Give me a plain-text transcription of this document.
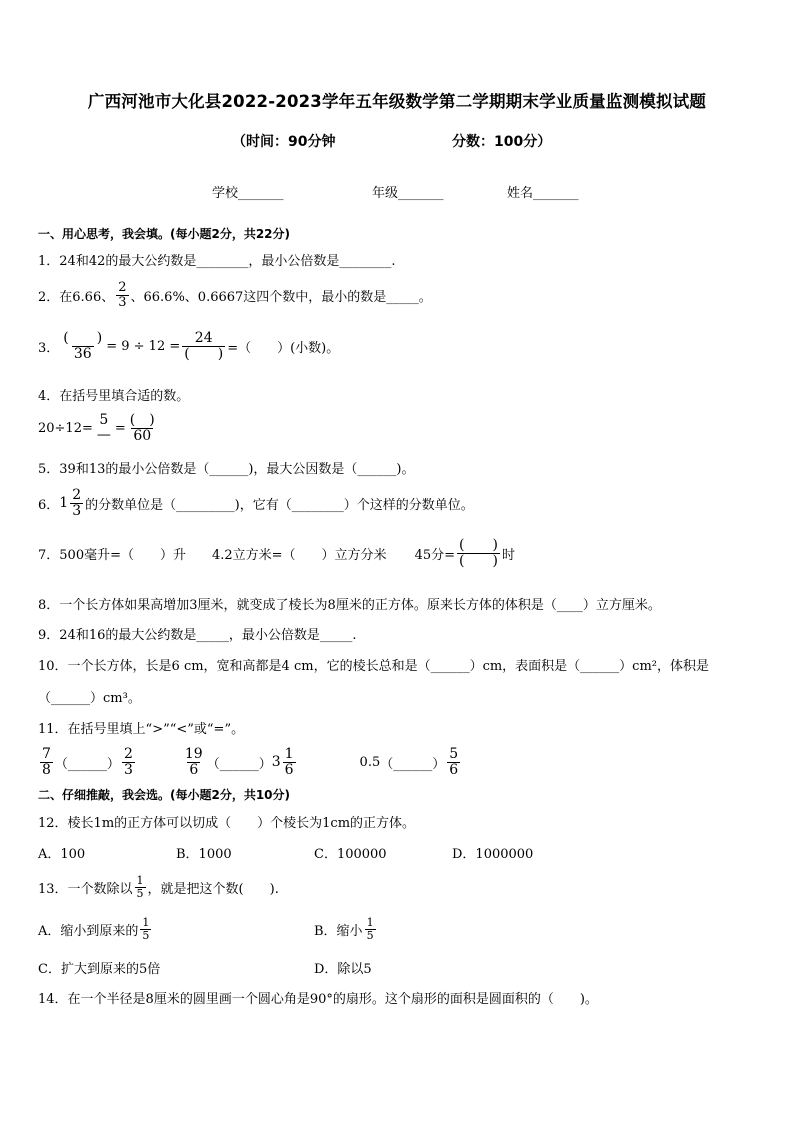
广西河池市大化县2022-2023学年五年级数学第二学期期末学业质量监测模拟试题
（时间：90分钟	分数：100分）
学校_______	年级_______	姓名_______
一、用心思考，我会填。(每小题2分，共22分)
1．24和42的最大公约数是________，最小公倍数是________.
2．在6.66、 $\frac{2}{3}$ 、66.6%、0.6667这四个数中，最小的数是_____。
3． $\frac{( )}{36} = 9 \div 12 = \frac{24}{( )}$ =（　　）(小数)。
4．在括号里填合适的数。
20÷12= 5
— = $\frac{( )}{60}$
5．39和13的最小公倍数是（______)，最大公因数是（______)。
6． $1 \frac{2}{3}$ 的分数单位是（_________)，它有（________）个这样的分数单位。
7．500毫升=（　　）升 4.2立方米=（　　）立方分米 45分= $\frac{( )}{( )}$ 时
8．一个长方体如果高增加3厘米，就变成了棱长为8厘米的正方体。原来长方体的体积是（____）立方厘米。
9．24和16的最大公约数是_____，最小公倍数是_____.
10．一个长方体，长是6 cm，宽和高都是4 cm，它的棱长总和是（______）cm，表面积是（______）cm²，体积是
（______）cm³。
11．在括号里填上“>”“<”或“=”。
$\frac{7}{8}$ （______） $\frac{2}{3}$	$\frac{19}{6}$ （______） $3 \frac{1}{6}$	0.5 （______） $\frac{5}{6}$
二、仔细推敲，我会选。(每小题2分，共10分)
12．棱长1m的正方体可以切成（　　）个棱长为1cm的正方体。
A．100	B．1000	C．100000	D．1000000
13．一个数除以 $\frac{1}{5}$ ，就是把这个数(　　).
A．缩小到原来的 $\frac{1}{5}$	B．缩小 $\frac{1}{5}$
C．扩大到原来的5倍	D．除以5
14．在一个半径是8厘米的圆里画一个圆心角是90°的扇形。这个扇形的面积是圆面积的（　　)。
